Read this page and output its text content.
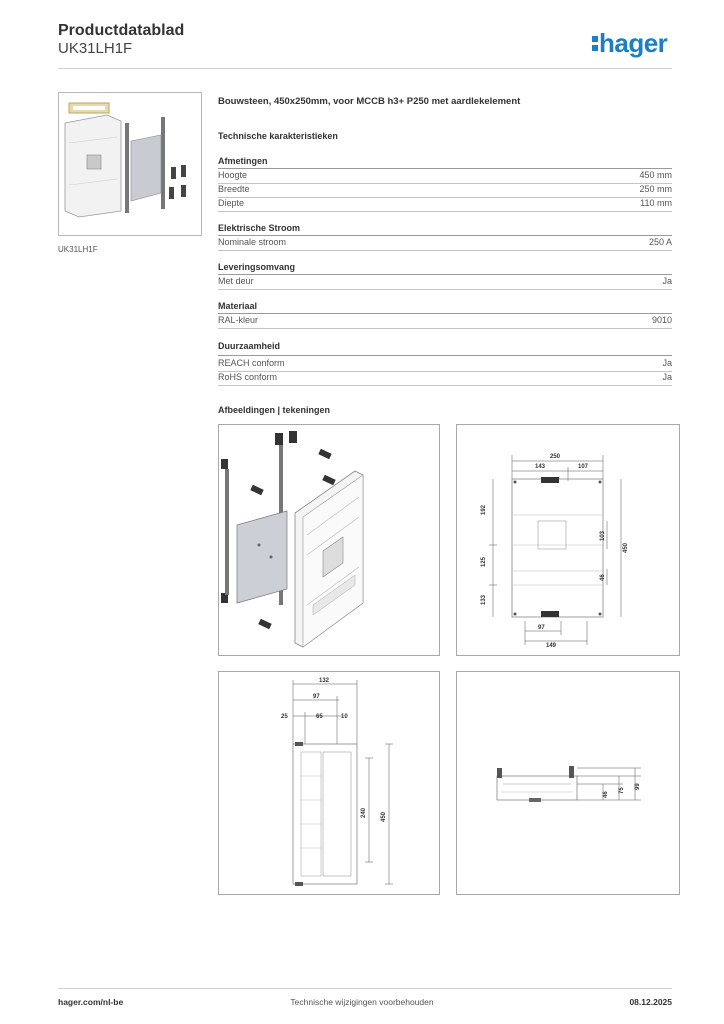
Productdatablad
UK31LH1F	hager
UK31LH1F
Bouwsteen, 450x250mm, voor MCCB h3+ P250 met aardlekelement
Technische karakteristieken
Afmetingen
Hoogte	450 mm
Breedte	250 mm
Diepte	110 mm
Elektrische Stroom
Nominale stroom	250 A
Leveringsomvang
Met deur	Ja
Materiaal
RAL-kleur	9010
Duurzaamheid
REACH conform	Ja
RoHS conform	Ja
Afbeeldingen | tekeningen
250
143	107
192
125
133
103
46
450
97
149
132
97
25	65	10
240 450
46
75
99
hager.com/nl-be	Technische wijzigingen voorbehouden	08.12.2025
